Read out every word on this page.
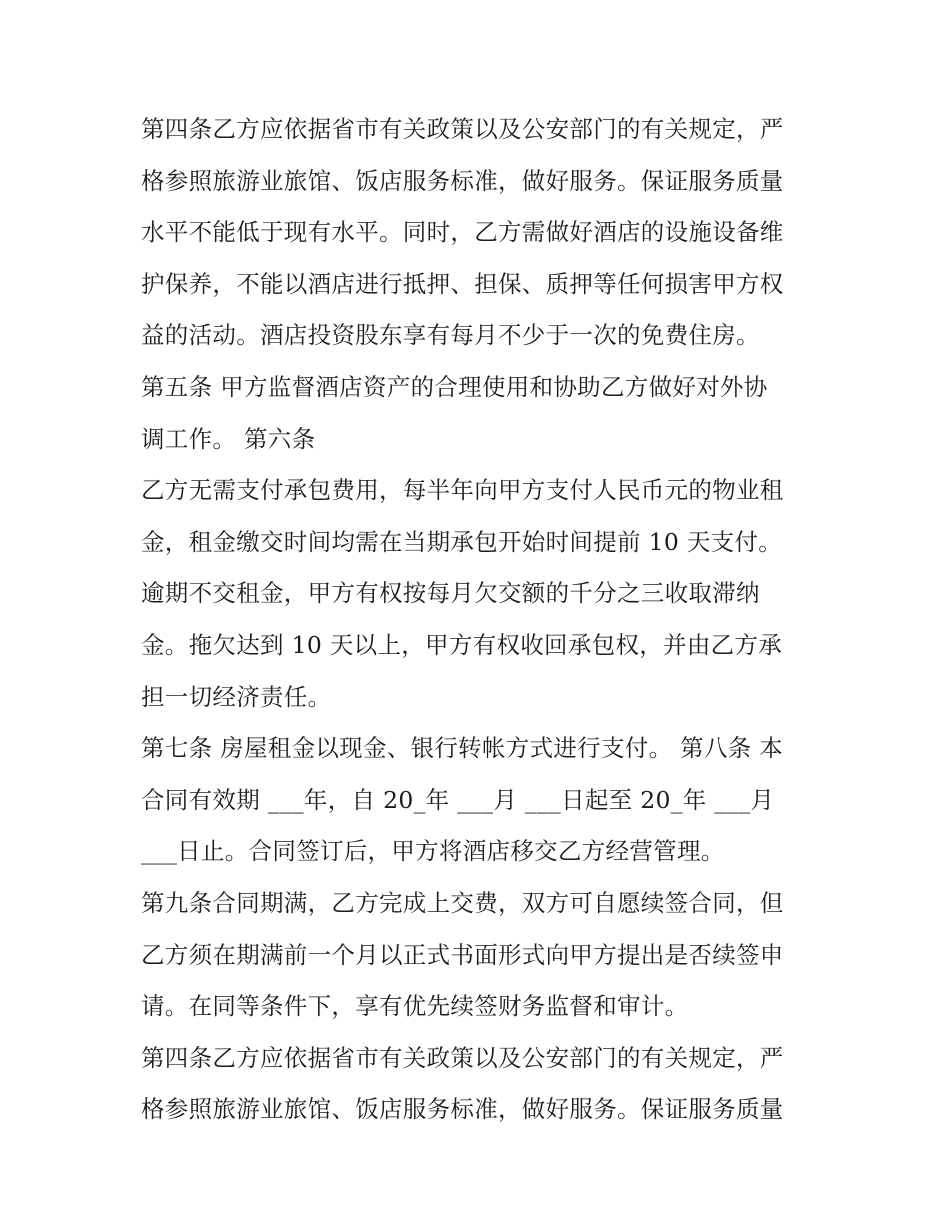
第四条乙方应依据省市有关政策以及公安部门的有关规定，严
格参照旅游业旅馆、饭店服务标准，做好服务。保证服务质量
水平不能低于现有水平。同时，乙方需做好酒店的设施设备维
护保养，不能以酒店进行抵押、担保、质押等任何损害甲方权
益的活动。酒店投资股东享有每月不少于一次的免费住房。
第五条 甲方监督酒店资产的合理使用和协助乙方做好对外协
调工作。 第六条
乙方无需支付承包费用，每半年向甲方支付人民币元的物业租
金，租金缴交时间均需在当期承包开始时间提前 10 天支付。
逾期不交租金，甲方有权按每月欠交额的千分之三收取滞纳
金。拖欠达到 10 天以上，甲方有权收回承包权，并由乙方承
担一切经济责任。
第七条 房屋租金以现金、银行转帐方式进行支付。 第八条 本
合同有效期 ___年，自 20_年 ___月 ___日起至 20_年 ___月
___日止。合同签订后，甲方将酒店移交乙方经营管理。
第九条合同期满，乙方完成上交费，双方可自愿续签合同，但
乙方须在期满前一个月以正式书面形式向甲方提出是否续签申
请。在同等条件下，享有优先续签财务监督和审计。
第四条乙方应依据省市有关政策以及公安部门的有关规定，严
格参照旅游业旅馆、饭店服务标准，做好服务。保证服务质量
